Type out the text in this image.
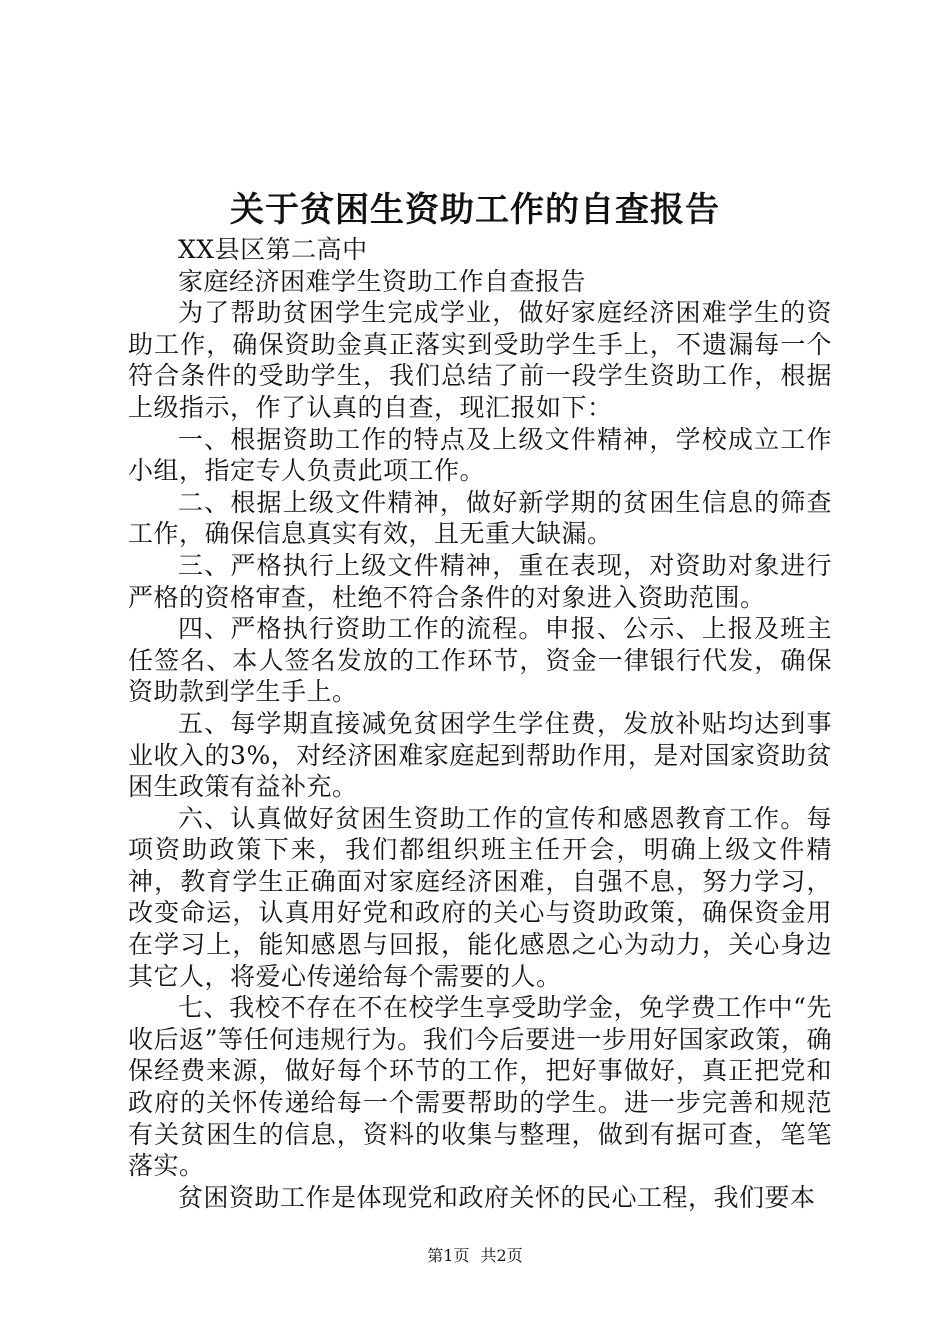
关于贫困生资助工作的自查报告

XX县区第二高中

家庭经济困难学生资助工作自查报告

为了帮助贫困学生完成学业，做好家庭经济困难学生的资助工作，确保资助金真正落实到受助学生手上，不遗漏每一个符合条件的受助学生，我们总结了前一段学生资助工作，根据上级指示，作了认真的自查，现汇报如下：

一、根据资助工作的特点及上级文件精神，学校成立工作小组，指定专人负责此项工作。

二、根据上级文件精神，做好新学期的贫困生信息的筛查工作，确保信息真实有效，且无重大缺漏。

三、严格执行上级文件精神，重在表现，对资助对象进行严格的资格审查，杜绝不符合条件的对象进入资助范围。

四、严格执行资助工作的流程。申报、公示、上报及班主任签名、本人签名发放的工作环节，资金一律银行代发，确保资助款到学生手上。

五、每学期直接减免贫困学生学住费，发放补贴均达到事业收入的3%，对经济困难家庭起到帮助作用，是对国家资助贫困生政策有益补充。

六、认真做好贫困生资助工作的宣传和感恩教育工作。每项资助政策下来，我们都组织班主任开会，明确上级文件精神，教育学生正确面对家庭经济困难，自强不息，努力学习，改变命运，认真用好党和政府的关心与资助政策，确保资金用在学习上，能知感恩与回报，能化感恩之心为动力，关心身边其它人，将爱心传递给每个需要的人。

七、我校不存在不在校学生享受助学金，免学费工作中“先收后返”等任何违规行为。我们今后要进一步用好国家政策，确保经费来源，做好每个环节的工作，把好事做好，真正把党和政府的关怀传递给每一个需要帮助的学生。进一步完善和规范有关贫困生的信息，资料的收集与整理，做到有据可查，笔笔落实。

贫困资助工作是体现党和政府关怀的民心工程，我们要本

第1页 共2页
